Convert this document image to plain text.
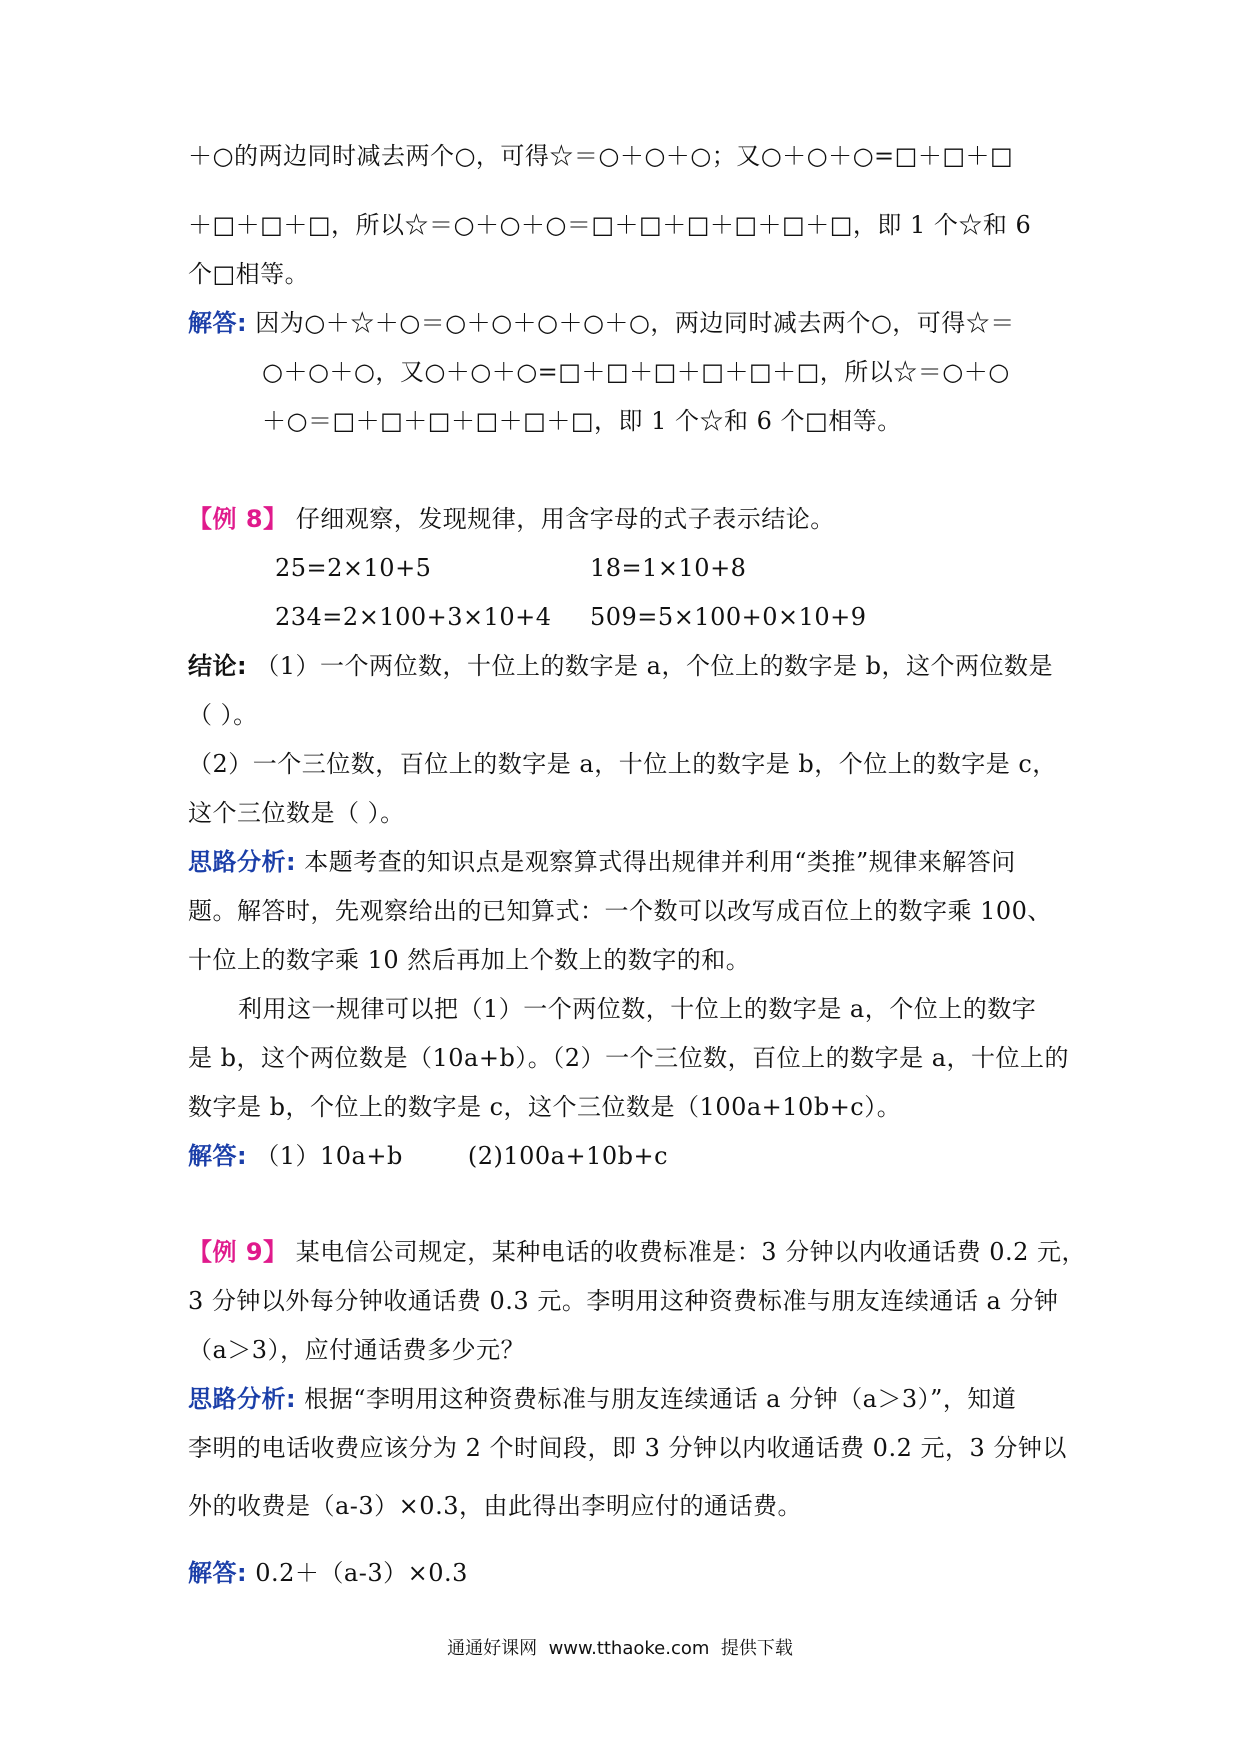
＋○的两边同时减去两个○，可得☆＝○＋○＋○；又○＋○＋○=□＋□＋□
＋□＋□＋□，所以☆＝○＋○＋○＝□＋□＋□＋□＋□＋□，即 1 个☆和 6
个□相等。
解答: 因为○＋☆＋○＝○＋○＋○＋○＋○，两边同时减去两个○，可得☆＝
○＋○＋○，又○＋○＋○=□＋□＋□＋□＋□＋□，所以☆＝○＋○
＋○＝□＋□＋□＋□＋□＋□，即 1 个☆和 6 个□相等。
【例 8】 仔细观察，发现规律，用含字母的式子表示结论。
25=2×10+5	18=1×10+8
234=2×100+3×10+4 509=5×100+0×10+9
结论: （1）一个两位数，十位上的数字是 a，个位上的数字是 b，这个两位数是
（ ）。
（2）一个三位数，百位上的数字是 a，十位上的数字是 b，个位上的数字是 c，
这个三位数是（ ）。
思路分析: 本题考查的知识点是观察算式得出规律并利用“类推”规律来解答问
题。解答时，先观察给出的已知算式：一个数可以改写成百位上的数字乘 100、
十位上的数字乘 10 然后再加上个数上的数字的和。
利用这一规律可以把（1）一个两位数，十位上的数字是 a，个位上的数字
是 b，这个两位数是（10a+b）。（2）一个三位数，百位上的数字是 a，十位上的
数字是 b，个位上的数字是 c，这个三位数是（100a+10b+c）。
解答: （1）10a+b        (2)100a+10b+c
【例 9】 某电信公司规定，某种电话的收费标准是：3 分钟以内收通话费 0.2 元，
3 分钟以外每分钟收通话费 0.3 元。李明用这种资费标准与朋友连续通话 a 分钟
（a＞3），应付通话费多少元？
思路分析: 根据“李明用这种资费标准与朋友连续通话 a 分钟（a＞3）”，知道
李明的电话收费应该分为 2 个时间段，即 3 分钟以内收通话费 0.2 元，3 分钟以
外的收费是（a-3）×0.3，由此得出李明应付的通话费。
解答: 0.2＋（a-3）×0.3
通通好课网  www.tthaoke.com  提供下载
